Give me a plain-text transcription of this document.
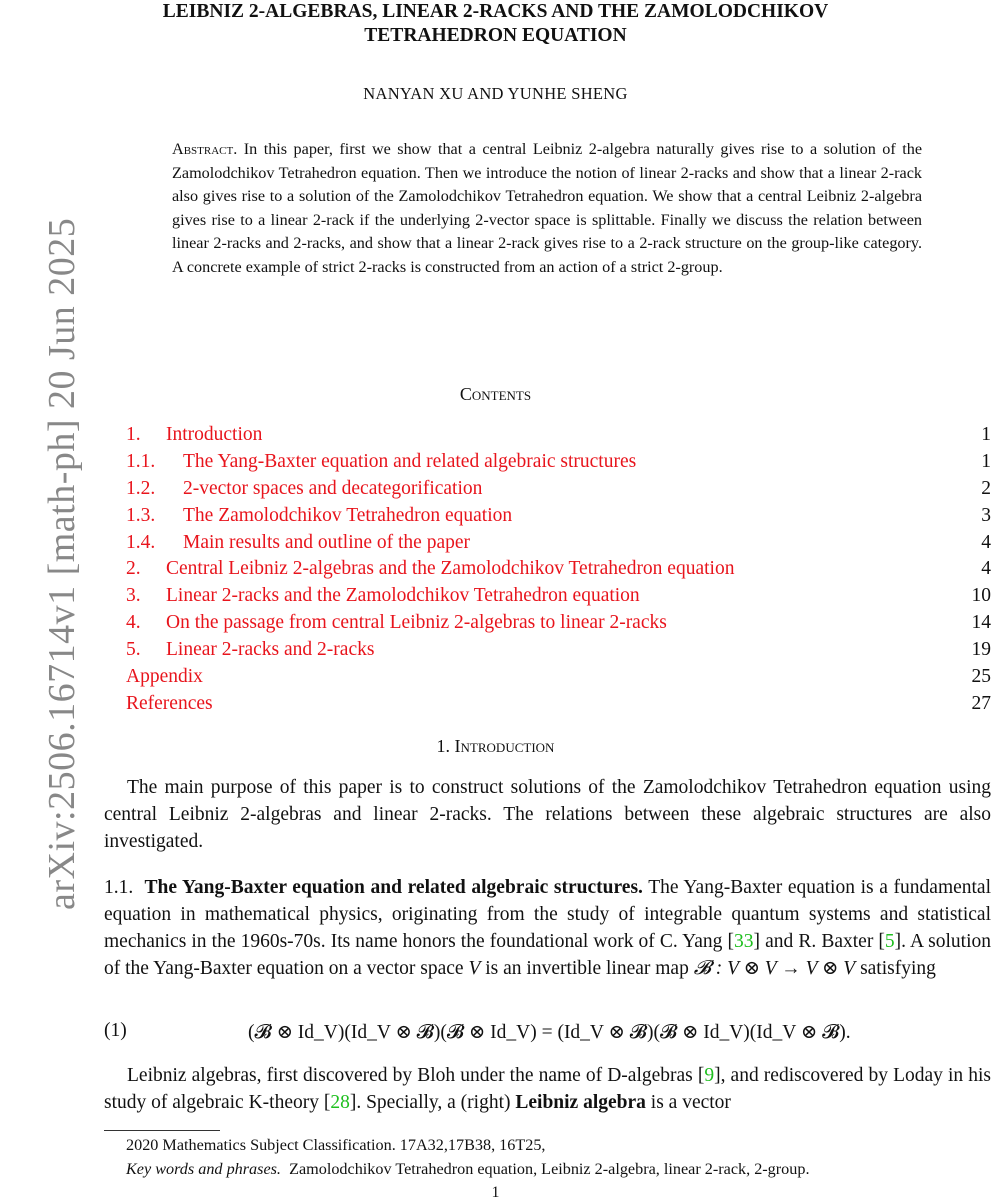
arXiv:2506.16714v1 [math-ph] 20 Jun 2025
LEIBNIZ 2-ALGEBRAS, LINEAR 2-RACKS AND THE ZAMOLODCHIKOV
TETRAHEDRON EQUATION
NANYAN XU AND YUNHE SHENG
Abstract. In this paper, first we show that a central Leibniz 2-algebra naturally gives rise to a solution of the Zamolodchikov Tetrahedron equation. Then we introduce the notion of linear 2-racks and show that a linear 2-rack also gives rise to a solution of the Zamolodchikov Tetrahedron equation. We show that a central Leibniz 2-algebra gives rise to a linear 2-rack if the underlying 2-vector space is splittable. Finally we discuss the relation between linear 2-racks and 2-racks, and show that a linear 2-rack gives rise to a 2-rack structure on the group-like category. A concrete example of strict 2-racks is constructed from an action of a strict 2-group.
Contents
1. Introduction	1
1.1. The Yang-Baxter equation and related algebraic structures	1
1.2. 2-vector spaces and decategorification	2
1.3. The Zamolodchikov Tetrahedron equation	3
1.4. Main results and outline of the paper	4
2. Central Leibniz 2-algebras and the Zamolodchikov Tetrahedron equation	4
3. Linear 2-racks and the Zamolodchikov Tetrahedron equation	10
4. On the passage from central Leibniz 2-algebras to linear 2-racks	14
5. Linear 2-racks and 2-racks	19
Appendix	25
References	27
1. Introduction
The main purpose of this paper is to construct solutions of the Zamolodchikov Tetrahedron equation using central Leibniz 2-algebras and linear 2-racks. The relations between these algebraic structures are also investigated.
1.1. The Yang-Baxter equation and related algebraic structures. The Yang-Baxter equation is a fundamental equation in mathematical physics, originating from the study of integrable quantum systems and statistical mechanics in the 1960s-70s. Its name honors the foundational work of C. Yang [33] and R. Baxter [5]. A solution of the Yang-Baxter equation on a vector space V is an invertible linear map 𝓑 : V ⊗ V → V ⊗ V satisfying
(1)	(𝓑 ⊗ Id_V)(Id_V ⊗ 𝓑)(𝓑 ⊗ Id_V) = (Id_V ⊗ 𝓑)(𝓑 ⊗ Id_V)(Id_V ⊗ 𝓑).
Leibniz algebras, first discovered by Bloh under the name of D-algebras [9], and rediscovered by Loday in his study of algebraic K-theory [28]. Specially, a (right) Leibniz algebra is a vector
2020 Mathematics Subject Classification. 17A32,17B38, 16T25,
Key words and phrases. Zamolodchikov Tetrahedron equation, Leibniz 2-algebra, linear 2-rack, 2-group.
1
